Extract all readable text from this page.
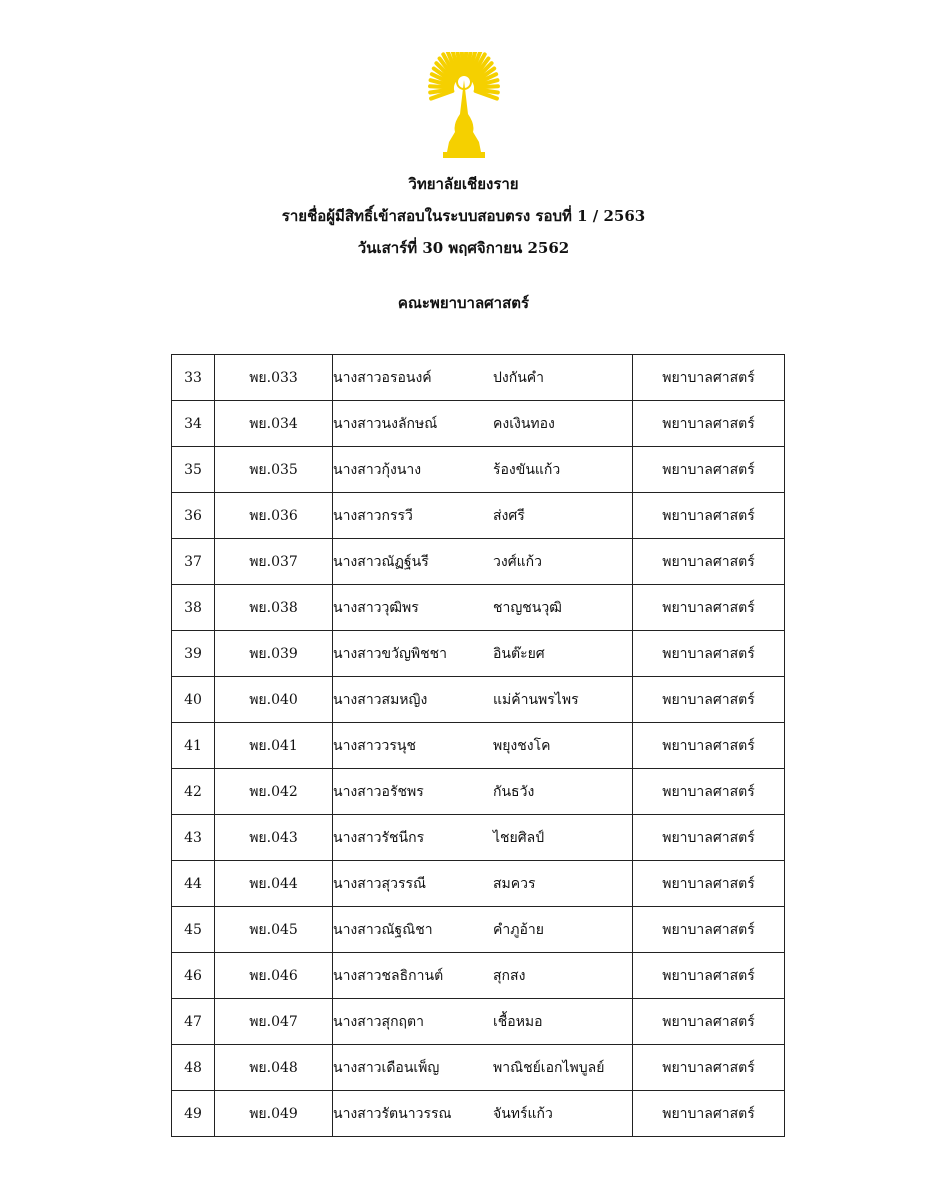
วิทยาลัยเชียงราย
รายชื่อผู้มีสิทธิ์เข้าสอบในระบบสอบตรง รอบที่ 1 / 2563
วันเสาร์ที่ 30 พฤศจิกายน 2562
คณะพยาบาลศาสตร์
33	พย.033	นางสาวอรอนงค์ ปงกันคำ	พยาบาลศาสตร์
34	พย.034	นางสาวนงลักษณ์ คงเงินทอง	พยาบาลศาสตร์
35	พย.035	นางสาวกุ้งนาง ร้องขันแก้ว	พยาบาลศาสตร์
36	พย.036	นางสาวกรรวี ส่งศรี	พยาบาลศาสตร์
37	พย.037	นางสาวณัฏฐ์นรี วงศ์แก้ว	พยาบาลศาสตร์
38	พย.038	นางสาววุฒิพร ชาญชนวุฒิ	พยาบาลศาสตร์
39	พย.039	นางสาวขวัญพิชชา อินต๊ะยศ	พยาบาลศาสตร์
40	พย.040	นางสาวสมหญิง แม่ค้านพรไพร	พยาบาลศาสตร์
41	พย.041	นางสาววรนุช พยุงชงโค	พยาบาลศาสตร์
42	พย.042	นางสาวอรัชพร กันธวัง	พยาบาลศาสตร์
43	พย.043	นางสาวรัชนีกร ไชยศิลป์	พยาบาลศาสตร์
44	พย.044	นางสาวสุวรรณี สมควร	พยาบาลศาสตร์
45	พย.045	นางสาวณัฐณิชา คำภูอ้าย	พยาบาลศาสตร์
46	พย.046	นางสาวชลธิกานต์ สุกสง	พยาบาลศาสตร์
47	พย.047	นางสาวสุกฤตา เชื้อหมอ	พยาบาลศาสตร์
48	พย.048	นางสาวเดือนเพ็ญ พาณิชย์เอกไพบูลย์	พยาบาลศาสตร์
49	พย.049	นางสาวรัตนาวรรณ จันทร์แก้ว	พยาบาลศาสตร์
